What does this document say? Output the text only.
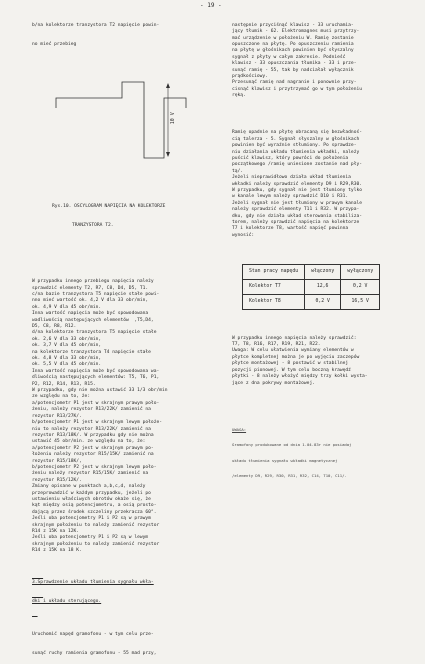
- 19 -

b/na kolektorze tranzystora T2 napięcie powin-

no mieć przebieg

10 V

Rys.10. OSCYLOGRAM NAPIĘCIA NA KOLEKTORZE

TRANZYSTORA T2.

W przypadku innego przebiegu napięcia należy
sprawdzić elementy T2, R7, C8, D4, D5, T1.
c/na bazie tranzystora T5 napięcie stałe powi-
nno mieć wartość ok. 4,2 V dla 33 obr/min,
ok. 4,9 V dla 45 obr/min.
Inna wartość napięcia może być spowodowana
wadliwością następujących elementów  ,T5,D4,
D5, C8, R8, R12.
d/na kolektorze tranzystora T5 napięcie stałe
ok. 2,6 V dla 33 obr/min,
ok. 3,7 V dla 45 obr/min,
na kolektorze tranzystora T4 napięcie stałe
ok. 4,8 V dla 33 obr/min,
ok. 5,5 V dla 45 obr/min.
Inna wartość napięcia może być spowodowana wa-
dliwością następujących elementów: T5, T6, P1,
P2, R12, R14, R13, R15.
W przypadku, gdy nie można ustawić 33 1/3 obr/min
ze względu na to, że:
a/potencjometr P1 jest w skrajnym prawym poło-
żeniu, należy rezystor R13/22K/ zamienić na
rezystor R13/27K/.
b/potencjometr P1 jest w skrajnym lewym położe-
niu to należy rezystor R13/22K/ zamienić na
rezystor R13/18K/. W przypadku gdy nie można
ustawić 45 obr/min. ze względu na to, że:
a/potencjometr P2 jest w skrajnym prawym po-
łożeniu należy rezystor R15/15K/ zamienić na
rezystor R15/18K/,
b/potencjometr P2 jest w skrajnym lewym poło-
żeniu należy rezystor R15/15K/ zamienić na
rezystor R15/12K/.
Zmiany opisane w punktach a,b,c,d, należy
przeprowadzić w każdym przypadku, jeżeli po
ustawieniu właściwych obrotów okaże się, że
kąt między osią potencjometru, a osią prosto-
dającą przez środek szczeliny przekracza 60°.
Jeśli oba potencjometry P1 i P2 są w prawym
skrajnym położeniu to należy zamienić rezystor
R14 z 15K na 12K.
Jeśli oba potencjometry P1 i P2 są w lewym
skrajnym położeniu to należy zamienić rezystor
R14 z 15K na 18 K.

3.Sprawdzenie układu tłumienia sygnału wkła-

dki i układu sterującego.

Uruchomić napęd gramofonu - w tym celu prze-

sunąć ruchy ramienia gramofonu - 55 mad przy,

następnie przyciśnąć klawisz - 33 uruchamia-
jący tłumik - 62. Elektromagnes musi przytrzy-
mać urządzenie w położeniu W. Ramię zostanie
opuszczone na płytę. Po opuszczeniu ramienia
na płytę w głośnikach powinien być słyszalny
sygnał z płyty w całym zakresie. Podnieść
klawisz - 33 opuszczania tłumika - 33 i prze-
sunąć ramię - 55, tak by nadciałał wyłącznik
prądkościowy.
Przesunąć ramię nad nagranie i ponownie przy-
cisnąć klawisz i przytrzymać go w tym położeniu
ręką.

Ramię opadnie na płytę obracaną się bezwładnoś-
cią talerza - 5. Sygnał słyszalny w głośnikach
powinien być wyraźnie stłumiony. Po sprawdze-
niu działania układu tłumienia wkładki, należy
puścić klawisz, który powróci do położenia
początkowego /ramię uniesione zostanie nad pły-
tą/.
Jeżeli nieprawidłowo działa układ tłumienia
wkładki należy sprawdzić elementy D9 i R29,R30.
W przypadku, gdy sygnał nie jest tłumiony tylko
w kanale lewym należy sprawdzić D10 i R31.
Jeżeli sygnał nie jest tłumiony w prawym kanale
należy sprawdzić elementy T11 i R32. W przypa-
dku, gdy nie działa układ sterowania stabiliza-
torem, należy sprawdzić napięcia na kolektorze
T7 i kolektorze T8, wartość napięć powinna
wynosić:

Stan pracy napędu	włączony	wyłączony
Kolektor T7	12,6	0,2 V
Kolektor T8	0,2 V	16,5 V

W przypadku innego napięcia należy sprawdzić:
T7, T8, R16, R17, R19, R21, R22.
Uwaga: W celu ułatwienia wymiany elementów w
płytce kompletnej można je po wyjęciu zaczepów
płytce montażowej - 8 postawić w stabilnej
pozycji pionowej. W tym celu boczną krawędź
płytki - 8 należy włożyć między trzy kołki wysta-
jące z dna pokrywy montażowej.

UWAGA:

Gramofony produkowane od dnia 1.04.83r nie posiadaj

układu tłumienia sygnału wkładki magnetycznej

/elementy D9, R29, R30, R31, R32, C14, T10, C11/.
